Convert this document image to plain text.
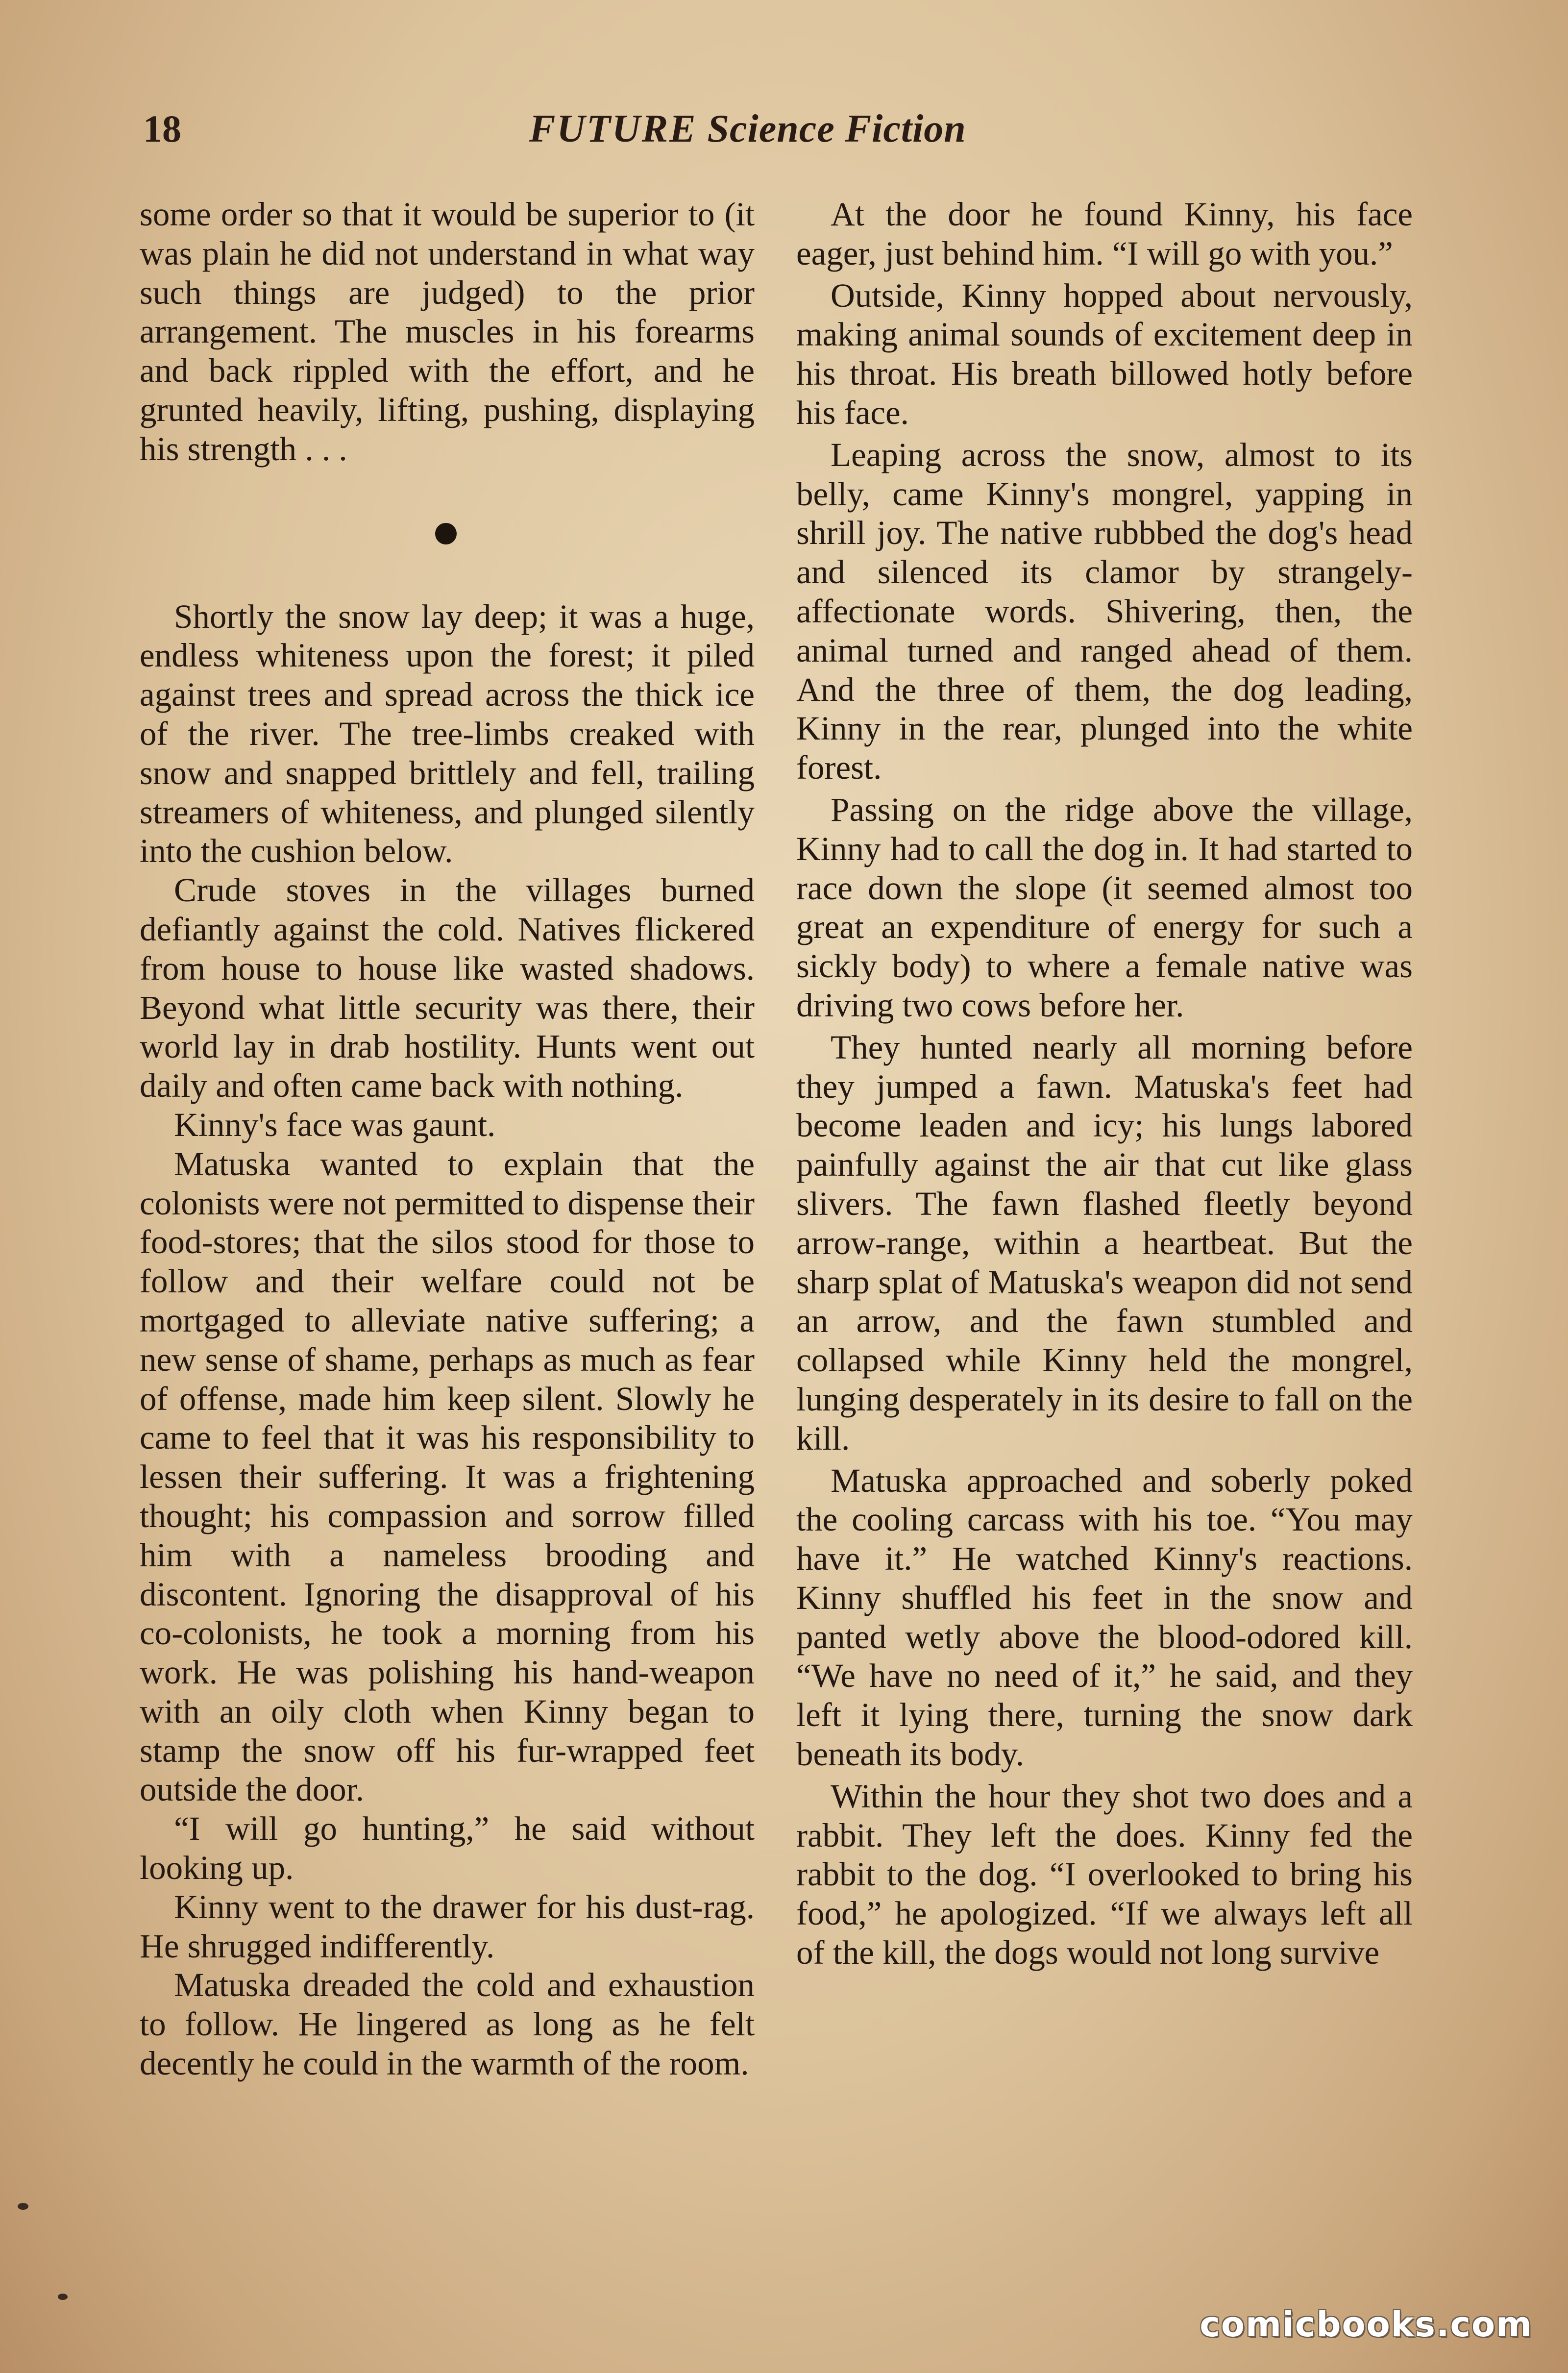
18	FUTURE Science Fiction

some order so that it would be superior to (it was plain he did not understand in what way such things are judged) to the prior arrangement. The muscles in his forearms and back rippled with the effort, and he grunted heavily, lifting, pushing, displaying his strength . . .

Shortly the snow lay deep; it was a huge, endless whiteness upon the forest; it piled against trees and spread across the thick ice of the river. The tree-limbs creaked with snow and snapped brittlely and fell, trailing streamers of whiteness, and plunged silently into the cushion below.

Crude stoves in the villages burned defiantly against the cold. Natives flickered from house to house like wasted shadows. Beyond what little security was there, their world lay in drab hostility. Hunts went out daily and often came back with nothing.

Kinny's face was gaunt.

Matuska wanted to explain that the colonists were not permitted to dispense their food-stores; that the silos stood for those to follow and their welfare could not be mortgaged to alleviate native suffering; a new sense of shame, perhaps as much as fear of offense, made him keep silent. Slowly he came to feel that it was his responsibility to lessen their suffering. It was a frightening thought; his compassion and sorrow filled him with a nameless brooding and discontent. Ignoring the disapproval of his co-colonists, he took a morning from his work. He was polishing his hand-weapon with an oily cloth when Kinny began to stamp the snow off his fur-wrapped feet outside the door.

“I will go hunting,” he said without looking up.

Kinny went to the drawer for his dust-rag. He shrugged indifferently.

Matuska dreaded the cold and exhaustion to follow. He lingered as long as he felt decently he could in the warmth of the room.

At the door he found Kinny, his face eager, just behind him. “I will go with you.”

Outside, Kinny hopped about nervously, making animal sounds of excitement deep in his throat. His breath billowed hotly before his face.

Leaping across the snow, almost to its belly, came Kinny's mongrel, yapping in shrill joy. The native rubbbed the dog's head and silenced its clamor by strangely-affectionate words. Shivering, then, the animal turned and ranged ahead of them. And the three of them, the dog leading, Kinny in the rear, plunged into the white forest.

Passing on the ridge above the village, Kinny had to call the dog in. It had started to race down the slope (it seemed almost too great an expenditure of energy for such a sickly body) to where a female native was driving two cows before her.

They hunted nearly all morning before they jumped a fawn. Matuska's feet had become leaden and icy; his lungs labored painfully against the air that cut like glass slivers. The fawn flashed fleetly beyond arrow-range, within a heartbeat. But the sharp splat of Matuska's weapon did not send an arrow, and the fawn stumbled and collapsed while Kinny held the mongrel, lunging desperately in its desire to fall on the kill.

Matuska approached and soberly poked the cooling carcass with his toe. “You may have it.” He watched Kinny's reactions. Kinny shuffled his feet in the snow and panted wetly above the blood-odored kill. “We have no need of it,” he said, and they left it lying there, turning the snow dark beneath its body.

Within the hour they shot two does and a rabbit. They left the does. Kinny fed the rabbit to the dog. “I overlooked to bring his food,” he apologized. “If we always left all of the kill, the dogs would not long survive

comicbooks.com
